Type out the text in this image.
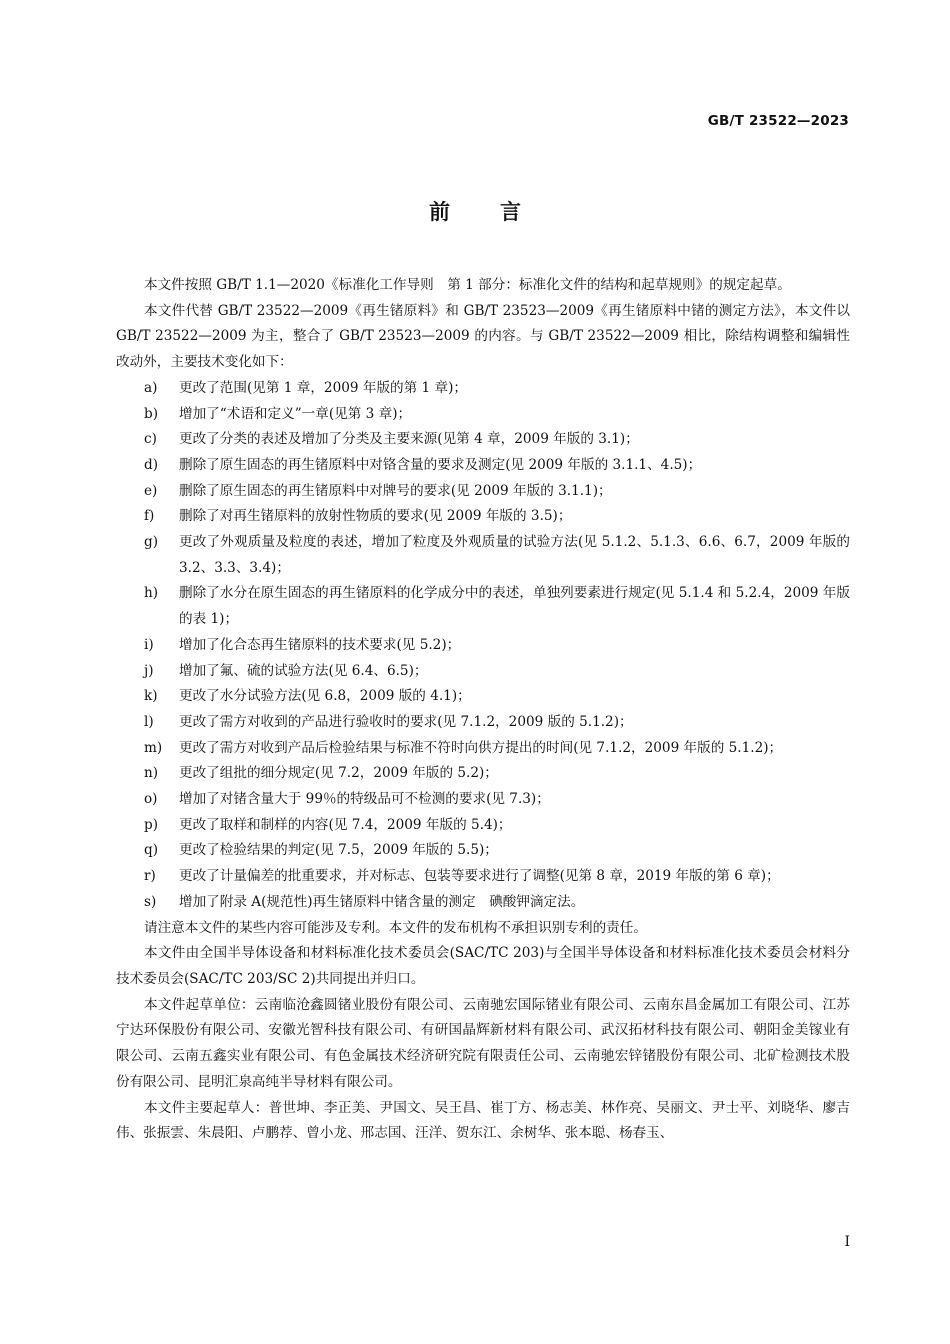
GB/T 23522—2023
前言

本文件按照 GB/T 1.1—2020《标准化工作导则　第 1 部分：标准化文件的结构和起草规则》的规定起草。

本文件代替 GB/T 23522—2009《再生锗原料》和 GB/T 23523—2009《再生锗原料中锗的测定方法》，本文件以 GB/T 23522—2009 为主，整合了 GB/T 23523—2009 的内容。与 GB/T 23522—2009 相比，除结构调整和编辑性改动外，主要技术变化如下：

a)	更改了范围(见第 1 章，2009 年版的第 1 章)；
b)	增加了“术语和定义”一章(见第 3 章)；
c)	更改了分类的表述及增加了分类及主要来源(见第 4 章，2009 年版的 3.1)；
d)	删除了原生固态的再生锗原料中对铬含量的要求及测定(见 2009 年版的 3.1.1、4.5)；
e)	删除了原生固态的再生锗原料中对牌号的要求(见 2009 年版的 3.1.1)；
f)	删除了对再生锗原料的放射性物质的要求(见 2009 年版的 3.5)；
g)	更改了外观质量及粒度的表述，增加了粒度及外观质量的试验方法(见 5.1.2、5.1.3、6.6、6.7，2009 年版的 3.2、3.3、3.4)；
h)	删除了水分在原生固态的再生锗原料的化学成分中的表述，单独列要素进行规定(见 5.1.4 和 5.2.4，2009 年版的表 1)；
i)	增加了化合态再生锗原料的技术要求(见 5.2)；
j)	增加了氟、硫的试验方法(见 6.4、6.5)；
k)	更改了水分试验方法(见 6.8，2009 版的 4.1)；
l)	更改了需方对收到的产品进行验收时的要求(见 7.1.2，2009 版的 5.1.2)；
m)	更改了需方对收到产品后检验结果与标准不符时向供方提出的时间(见 7.1.2，2009 年版的 5.1.2)；
n)	更改了组批的细分规定(见 7.2，2009 年版的 5.2)；
o)	增加了对锗含量大于 99％的特级品可不检测的要求(见 7.3)；
p)	更改了取样和制样的内容(见 7.4，2009 年版的 5.4)；
q)	更改了检验结果的判定(见 7.5，2009 年版的 5.5)；
r)	更改了计量偏差的批重要求，并对标志、包装等要求进行了调整(见第 8 章，2019 年版的第 6 章)；
s)	增加了附录 A(规范性)再生锗原料中锗含量的测定　碘酸钾滴定法。

请注意本文件的某些内容可能涉及专利。本文件的发布机构不承担识别专利的责任。

本文件由全国半导体设备和材料标准化技术委员会(SAC/TC 203)与全国半导体设备和材料标准化技术委员会材料分技术委员会(SAC/TC 203/SC 2)共同提出并归口。

本文件起草单位：云南临沧鑫圆锗业股份有限公司、云南驰宏国际锗业有限公司、云南东昌金属加工有限公司、江苏宁达环保股份有限公司、安徽光智科技有限公司、有研国晶辉新材料有限公司、武汉拓材科技有限公司、朝阳金美镓业有限公司、云南五鑫实业有限公司、有色金属技术经济研究院有限责任公司、云南驰宏锌锗股份有限公司、北矿检测技术股份有限公司、昆明汇泉高纯半导材料有限公司。

本文件主要起草人：普世坤、李正美、尹国文、吴王昌、崔丁方、杨志美、林作亮、吴丽文、尹士平、刘晓华、廖吉伟、张振雲、朱晨阳、卢鹏荐、曾小龙、邢志国、汪洋、贺东江、余树华、张本聪、杨春玉、

I
